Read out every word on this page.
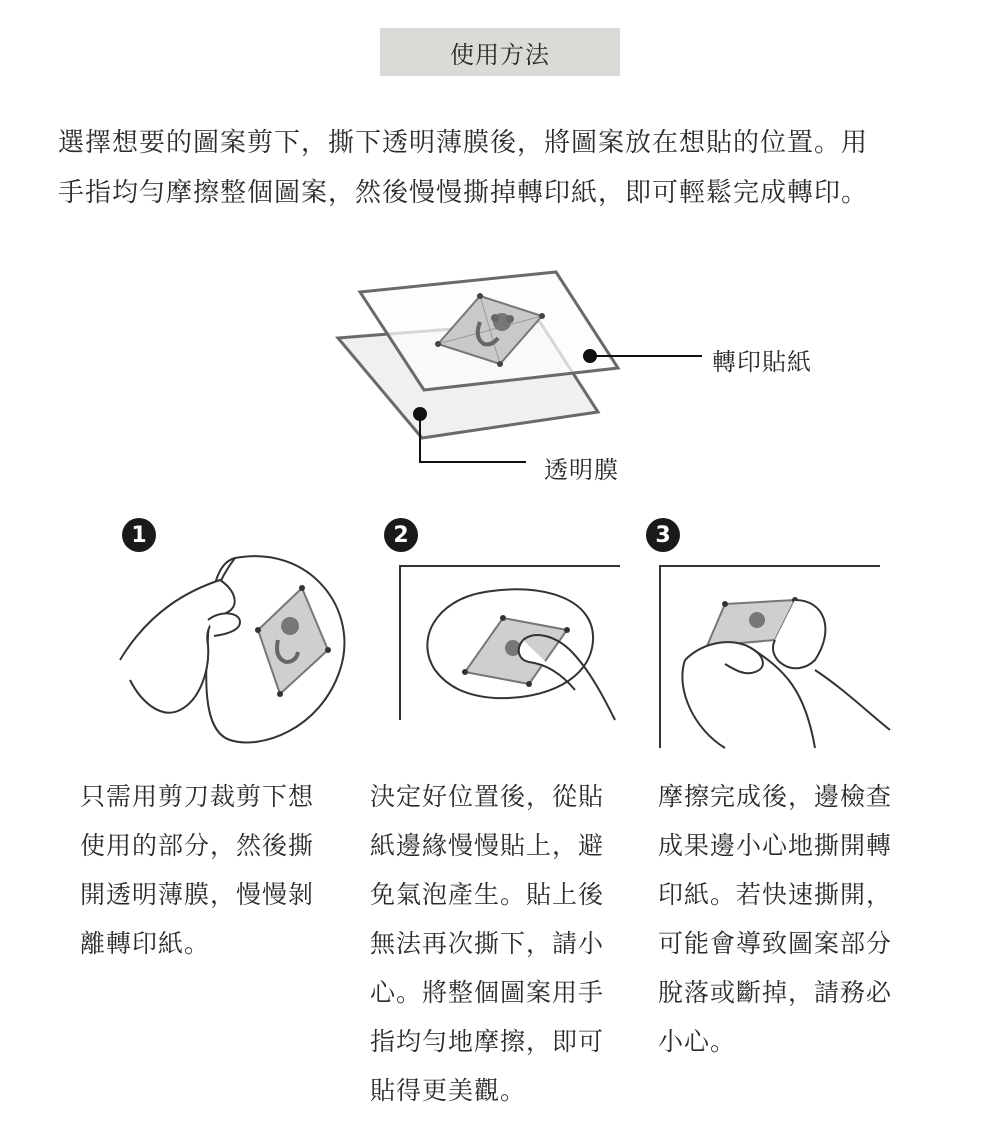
使用方法

選擇想要的圖案剪下，撕下透明薄膜後，將圖案放在想貼的位置。用

手指均勻摩擦整個圖案，然後慢慢撕掉轉印紙，即可輕鬆完成轉印。

轉印貼紙
透明膜
1	2	3

只需用剪刀裁剪下想

使用的部分，然後撕

開透明薄膜，慢慢剝

離轉印紙。

決定好位置後，從貼

紙邊緣慢慢貼上，避

免氣泡產生。貼上後

無法再次撕下，請小

心。將整個圖案用手

指均勻地摩擦，即可

貼得更美觀。

摩擦完成後，邊檢查

成果邊小心地撕開轉

印紙。若快速撕開，

可能會導致圖案部分

脫落或斷掉，請務必

小心。
